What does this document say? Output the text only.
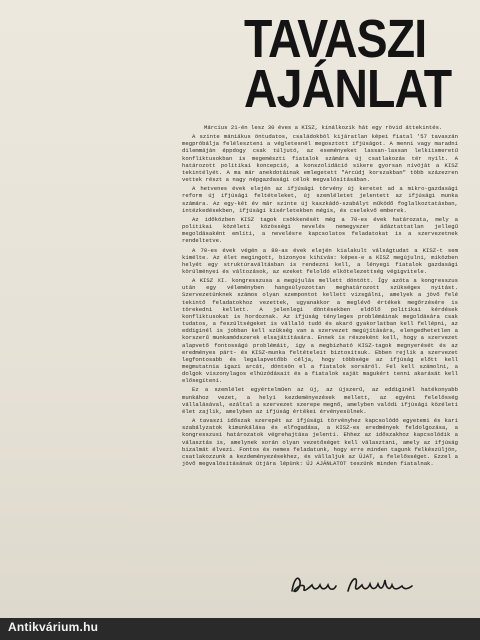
TAVASZI
AJÁNLAT

Március 21-én lesz 30 éves a KISZ, kínálkozik hát egy rövid áttekintés.

A szinte mániákus öntudatos, családokból kijáratlan képei fiatal '57 tavaszán megpróbálja feléleszteni a végletesnél megosztott ifjúságot. A menni vagy maradni dilemmáján éppdogy csak túljutó, az eseményeket lassan-lassan lelkiismeretű konfliktusokban is megemészti fiatalok számára új csatlakozás tér nyílt. A határozott politikai koncepció, a konszolidáció sikere gyorsan nívóját a KISZ tekintélyét. A ma már anekdotáinak emlegetett "Arcúdj korszakban" több százezren vettek részt a nagy népgazdasági célok megvalósításában.

A hetvenes évek elején az ifjúsági törvény új keretet ad a mikro-gazdasági reform új ifjúsági feltételeket, új szemléletet jelentett az ifjúsági munka számára. Az egy-két év már szinte új kaszkádó-szabályt működő foglalkoztatásban, intézkedésekben, ifjúsági kísérletekben mégis, és cselekvő emberek.

Az időközben KISZ tagok csökkenését még a 70-es évek határozata, mely a politikai közéleti közösségi nevelés nemegyszer ádáztattatlan jellegű megoldásaként említi, a nevelésre kapcsolatos feladatokat is a szervezetnek rendeltetve.

A 70-es évek végén a 80-as évek elején kialakult válságtudat a KISZ-t sem kímélte. Az élet megingott, bizonyos kihívás: képes-e a KISZ megújulni, miközben helyét egy struktúraváltásban is rendezni kell, a lényegi fiatalok gazdasági körülményei és változások, az ezeket feloldó elkötelezettség végigvitele.

A KISZ XI. kongresszusa a megújulás mellett döntött. Így azóta a kongresszus után egy véleményben hangsúlyozottan meghatározott szükséges nyitást. Szervezetünknek számos olyan szempontot kellett vizsgálni, amelyek a jövő felé tekintő feladatokhoz vezettek, ugyanakkor a meglévő értékek megőrzésére is törekedni kellett. A jelenlegi döntésekben eldőlő politikai kérdések konfliktusokat is hordoznak. Az ifjúság tényleges problémáinak megoldására csak tudatos, a feszültségeket is vállaló tudó és akaró gyakorlatban kell fellépni, az eddiginél is jobban kell szükség van a szervezet megújítására, elengedhetetlen a korszerű munkamódszerek elsajátítására. Ennek is részeként kell, hogy a szervezet alapvető fontosságú problémáit, így a megbízható KISZ-tagok megnyerését és az eredményes párt- és KISZ-munka feltételeit biztosítsuk. Ebben rejlik a szervezet legfontosabb és legalapvetőbb célja, hogy többsége az ifjúság előtt kell megmutatnia igazi arcát, döntsön el a fiatalok sorsáról. Fel kell számolni, a dolgok viszonylagos elhúzódásait és a fiatalok saját magukért tenni akarását kell elősegíteni.

Ez a szemlélet egyértelműen az új, az újszerű, az eddiginél hatékonyabb munkához vezet, a helyi kezdeményezések mellett, az egyéni felelősség vállalásával, ezáltal a szervezet szerepe megnő, amelyben valódi ifjúsági közéleti élet zajlik, amelyben az ifjúság értékei érvényesülnek.

A tavaszi időszak szerepét az ifjúsági törvényhez kapcsolódó egyetemi és kari szabályzatok kimunkálása és elfogadása, a KISZ-es eredmények feldolgozása, a kongresszusi határozatok végrehajtása jelenti. Ehhez az időszakhoz kapcsolódik a választás is, amelynek során olyan vezetőséget kell választani, amely az ifjúság bizalmát élvezi. Fontos és nemes feladatunk, hogy erre minden tagunk felkészüljön, csatlakozzunk a kezdeményezésekhez, és vállaljuk az ÚJAT, a felelősséget. Ezzel a jövő megvalósításának útjára lépünk: ÚJ AJÁNLATOT teszünk minden fiatalnak.

Antikvárium.hu
